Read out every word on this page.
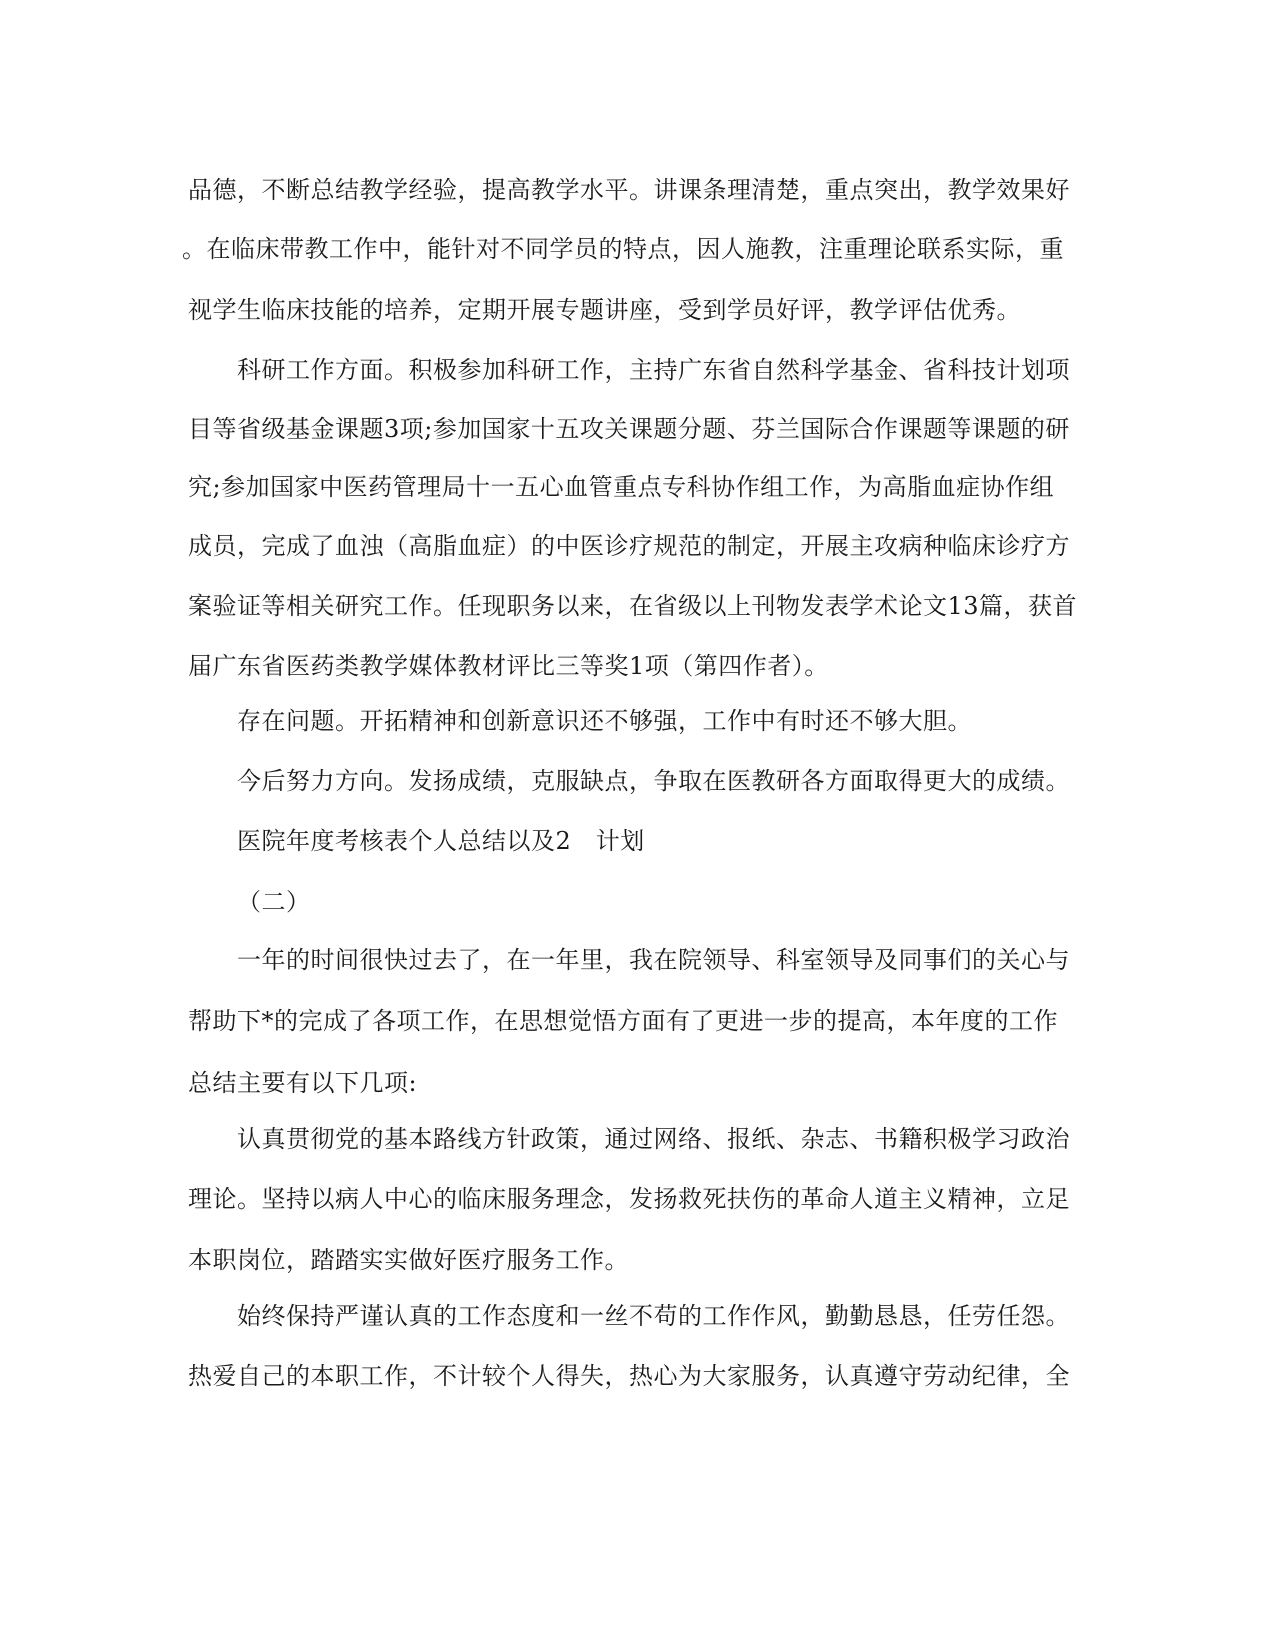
品德，不断总结教学经验，提高教学水平。讲课条理清楚，重点突出，教学效果好
。在临床带教工作中，能针对不同学员的特点，因人施教，注重理论联系实际，重
视学生临床技能的培养，定期开展专题讲座，受到学员好评，教学评估优秀。
科研工作方面。积极参加科研工作，主持广东省自然科学基金、省科技计划项
目等省级基金课题3项;参加国家十五攻关课题分题、芬兰国际合作课题等课题的研
究;参加国家中医药管理局十一五心血管重点专科协作组工作，为高脂血症协作组
成员，完成了血浊（高脂血症）的中医诊疗规范的制定，开展主攻病种临床诊疗方
案验证等相关研究工作。任现职务以来，在省级以上刊物发表学术论文13篇，获首
届广东省医药类教学媒体教材评比三等奖1项（第四作者）。
存在问题。开拓精神和创新意识还不够强，工作中有时还不够大胆。
今后努力方向。发扬成绩，克服缺点，争取在医教研各方面取得更大的成绩。
医院年度考核表个人总结以及2　计划
（二）
一年的时间很快过去了，在一年里，我在院领导、科室领导及同事们的关心与
帮助下*的完成了各项工作，在思想觉悟方面有了更进一步的提高，本年度的工作
总结主要有以下几项:
认真贯彻党的基本路线方针政策，通过网络、报纸、杂志、书籍积极学习政治
理论。坚持以病人中心的临床服务理念，发扬救死扶伤的革命人道主义精神，立足
本职岗位，踏踏实实做好医疗服务工作。
始终保持严谨认真的工作态度和一丝不苟的工作作风，勤勤恳恳，任劳任怨。
热爱自己的本职工作，不计较个人得失，热心为大家服务，认真遵守劳动纪律，全
